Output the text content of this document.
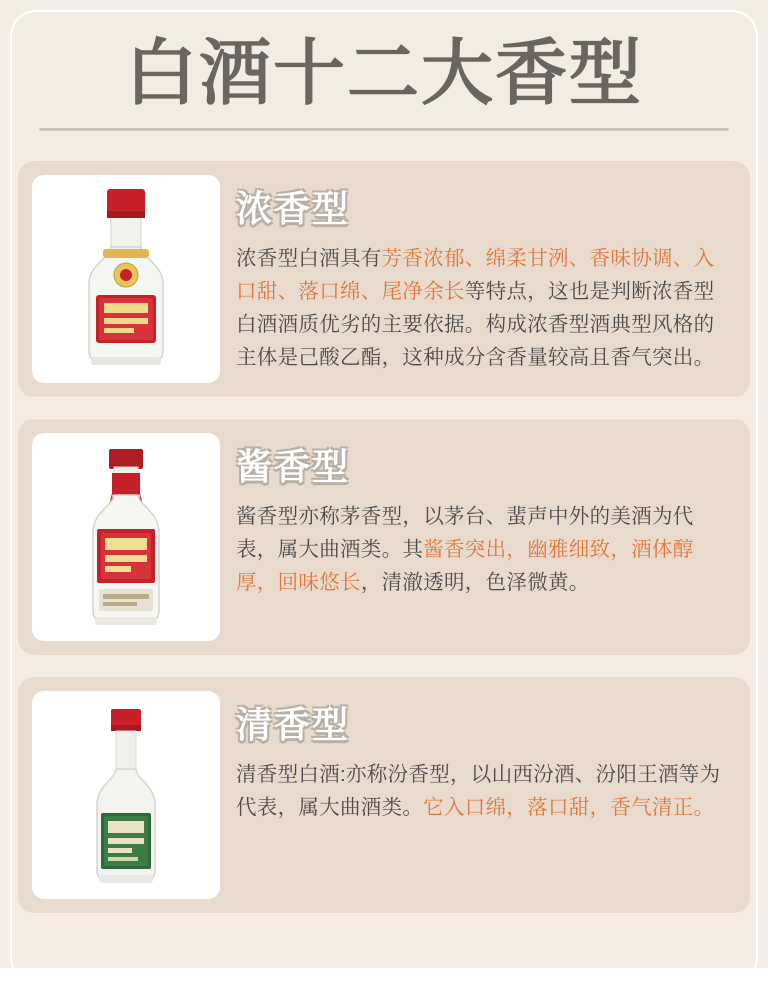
白酒十二大香型
浓香型

浓香型白酒具有芳香浓郁、绵柔甘洌、香味协调、入口甜、落口绵、尾净余长等特点，这也是判断浓香型白酒酒质优劣的主要依据。构成浓香型酒典型风格的主体是己酸乙酯，这种成分含香量较高且香气突出。

酱香型

酱香型亦称茅香型，以茅台、蜚声中外的美酒为代表，属大曲酒类。其酱香突出，幽雅细致，酒体醇厚，回味悠长，清澈透明，色泽微黄。

清香型

清香型白酒:亦称汾香型，以山西汾酒、汾阳王酒等为代表，属大曲酒类。它入口绵，落口甜，香气清正。
